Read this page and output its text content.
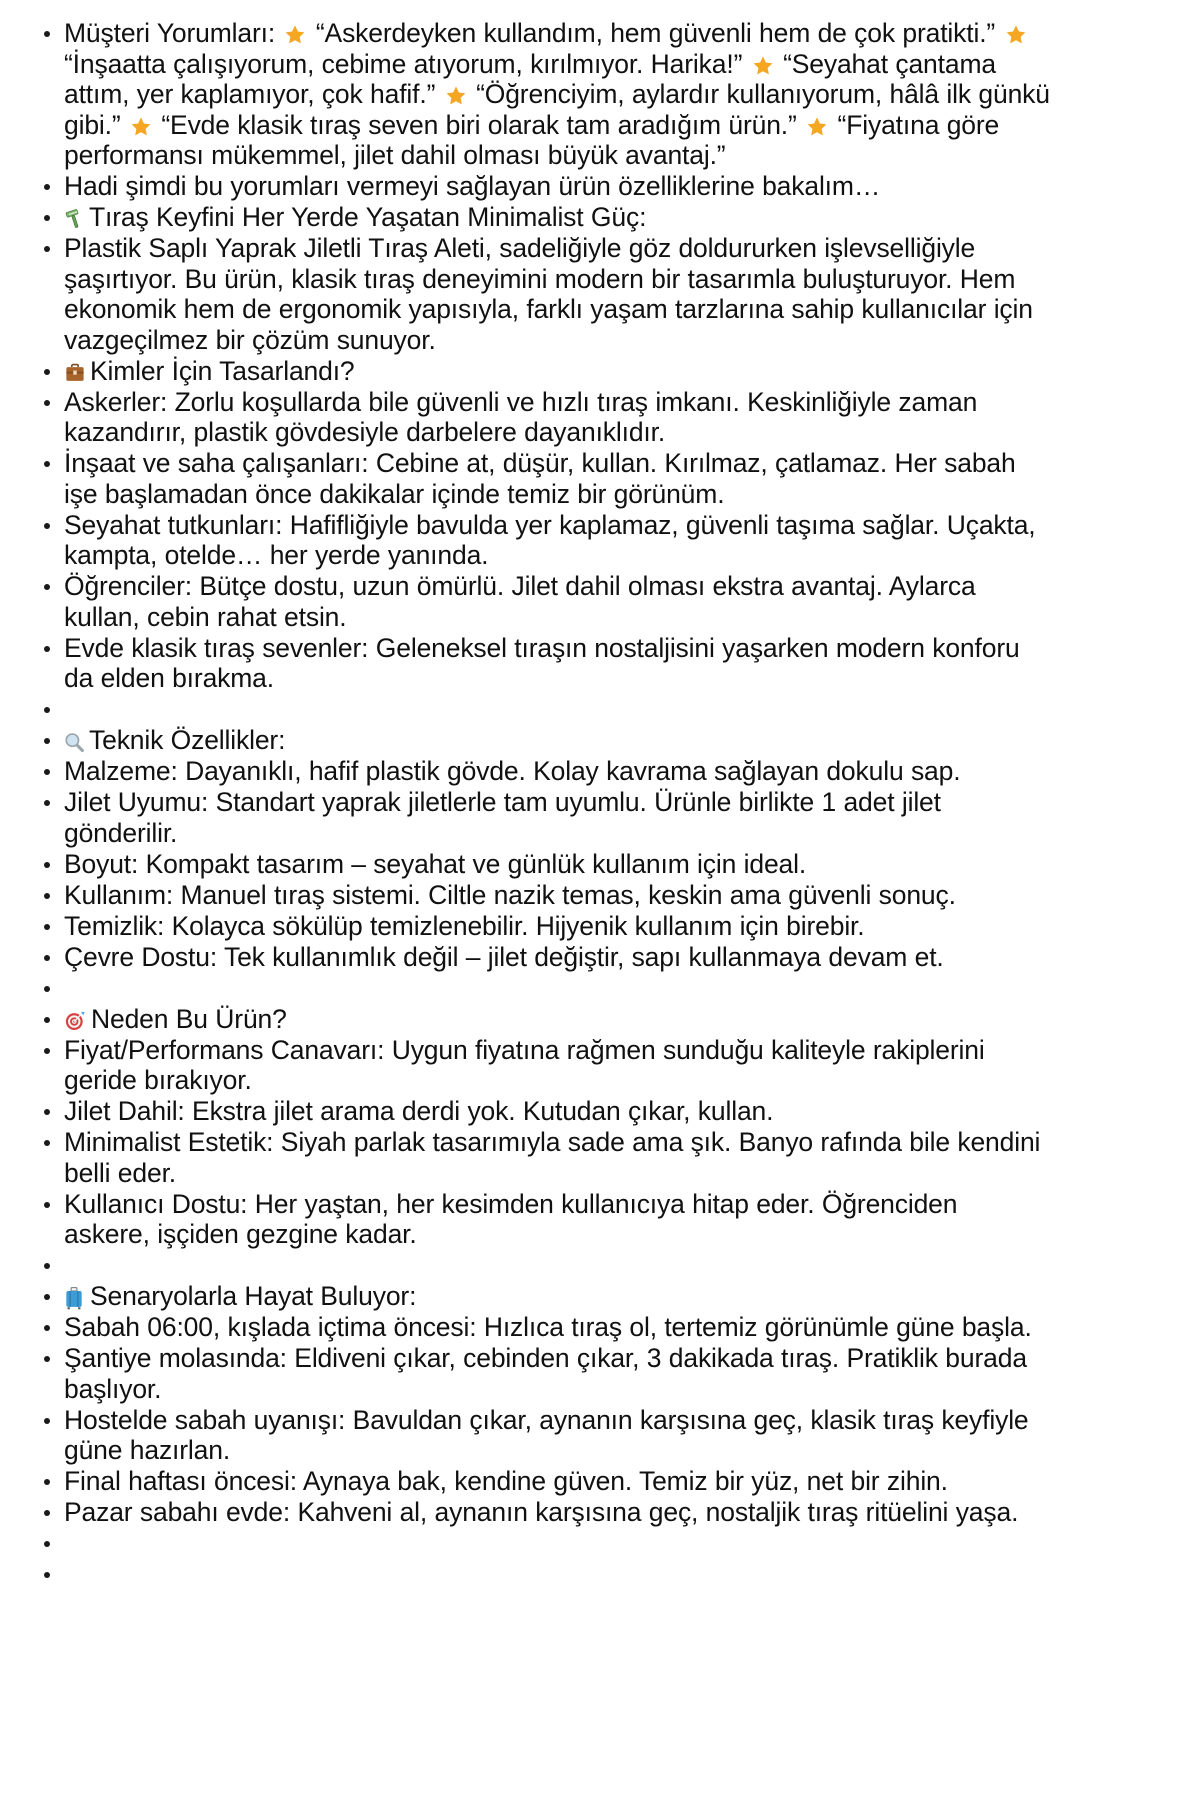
Müşteri Yorumları:
“Askerdeyken kullandım, hem güvenli hem de çok pratikti.”
“İnşaatta çalışıyorum, cebime atıyorum, kırılmıyor. Harika!”
“Seyahat çantama attım, yer kaplamıyor, çok hafif.”
“Öğrenciyim, aylardır kullanıyorum, hâlâ ilk günkü gibi.”
“Evde klasik tıraş seven biri olarak tam aradığım ürün.”
“Fiyatına göre performansı mükemmel, jilet dahil olması büyük avantaj.”
Hadi şimdi bu yorumları vermeyi sağlayan ürün özelliklerine bakalım…
Tıraş Keyfini Her Yerde Yaşatan Minimalist Güç:
Plastik Saplı Yaprak Jiletli Tıraş Aleti, sadeliğiyle göz doldururken işlevselliğiyle şaşırtıyor. Bu ürün, klasik tıraş deneyimini modern bir tasarımla buluşturuyor. Hem ekonomik hem de ergonomik yapısıyla, farklı yaşam tarzlarına sahip kullanıcılar için vazgeçilmez bir çözüm sunuyor.
Kimler İçin Tasarlandı?
Askerler: Zorlu koşullarda bile güvenli ve hızlı tıraş imkanı. Keskinliğiyle zaman kazandırır, plastik gövdesiyle darbelere dayanıklıdır.
İnşaat ve saha çalışanları: Cebine at, düşür, kullan. Kırılmaz, çatlamaz. Her sabah işe başlamadan önce dakikalar içinde temiz bir görünüm.
Seyahat tutkunları: Hafifliğiyle bavulda yer kaplamaz, güvenli taşıma sağlar. Uçakta, kampta, otelde… her yerde yanında.
Öğrenciler: Bütçe dostu, uzun ömürlü. Jilet dahil olması ekstra avantaj. Aylarca kullan, cebin rahat etsin.
Evde klasik tıraş sevenler: Geleneksel tıraşın nostaljisini yaşarken modern konforu da elden bırakma.
Teknik Özellikler:
Malzeme: Dayanıklı, hafif plastik gövde. Kolay kavrama sağlayan dokulu sap.
Jilet Uyumu: Standart yaprak jiletlerle tam uyumlu. Ürünle birlikte 1 adet jilet gönderilir.
Boyut: Kompakt tasarım – seyahat ve günlük kullanım için ideal.
Kullanım: Manuel tıraş sistemi. Ciltle nazik temas, keskin ama güvenli sonuç.
Temizlik: Kolayca sökülüp temizlenebilir. Hijyenik kullanım için birebir.
Çevre Dostu: Tek kullanımlık değil – jilet değiştir, sapı kullanmaya devam et.
Neden Bu Ürün?
Fiyat/Performans Canavarı: Uygun fiyatına rağmen sunduğu kaliteyle rakiplerini geride bırakıyor.
Jilet Dahil: Ekstra jilet arama derdi yok. Kutudan çıkar, kullan.
Minimalist Estetik: Siyah parlak tasarımıyla sade ama şık. Banyo rafında bile kendini belli eder.
Kullanıcı Dostu: Her yaştan, her kesimden kullanıcıya hitap eder. Öğrenciden askere, işçiden gezgine kadar.
Senaryolarla Hayat Buluyor:
Sabah 06:00, kışlada içtima öncesi: Hızlıca tıraş ol, tertemiz görünümle güne başla.
Şantiye molasında: Eldiveni çıkar, cebinden çıkar, 3 dakikada tıraş. Pratiklik burada başlıyor.
Hostelde sabah uyanışı: Bavuldan çıkar, aynanın karşısına geç, klasik tıraş keyfiyle güne hazırlan.
Final haftası öncesi: Aynaya bak, kendine güven. Temiz bir yüz, net bir zihin.
Pazar sabahı evde: Kahveni al, aynanın karşısına geç, nostaljik tıraş ritüelini yaşa.
